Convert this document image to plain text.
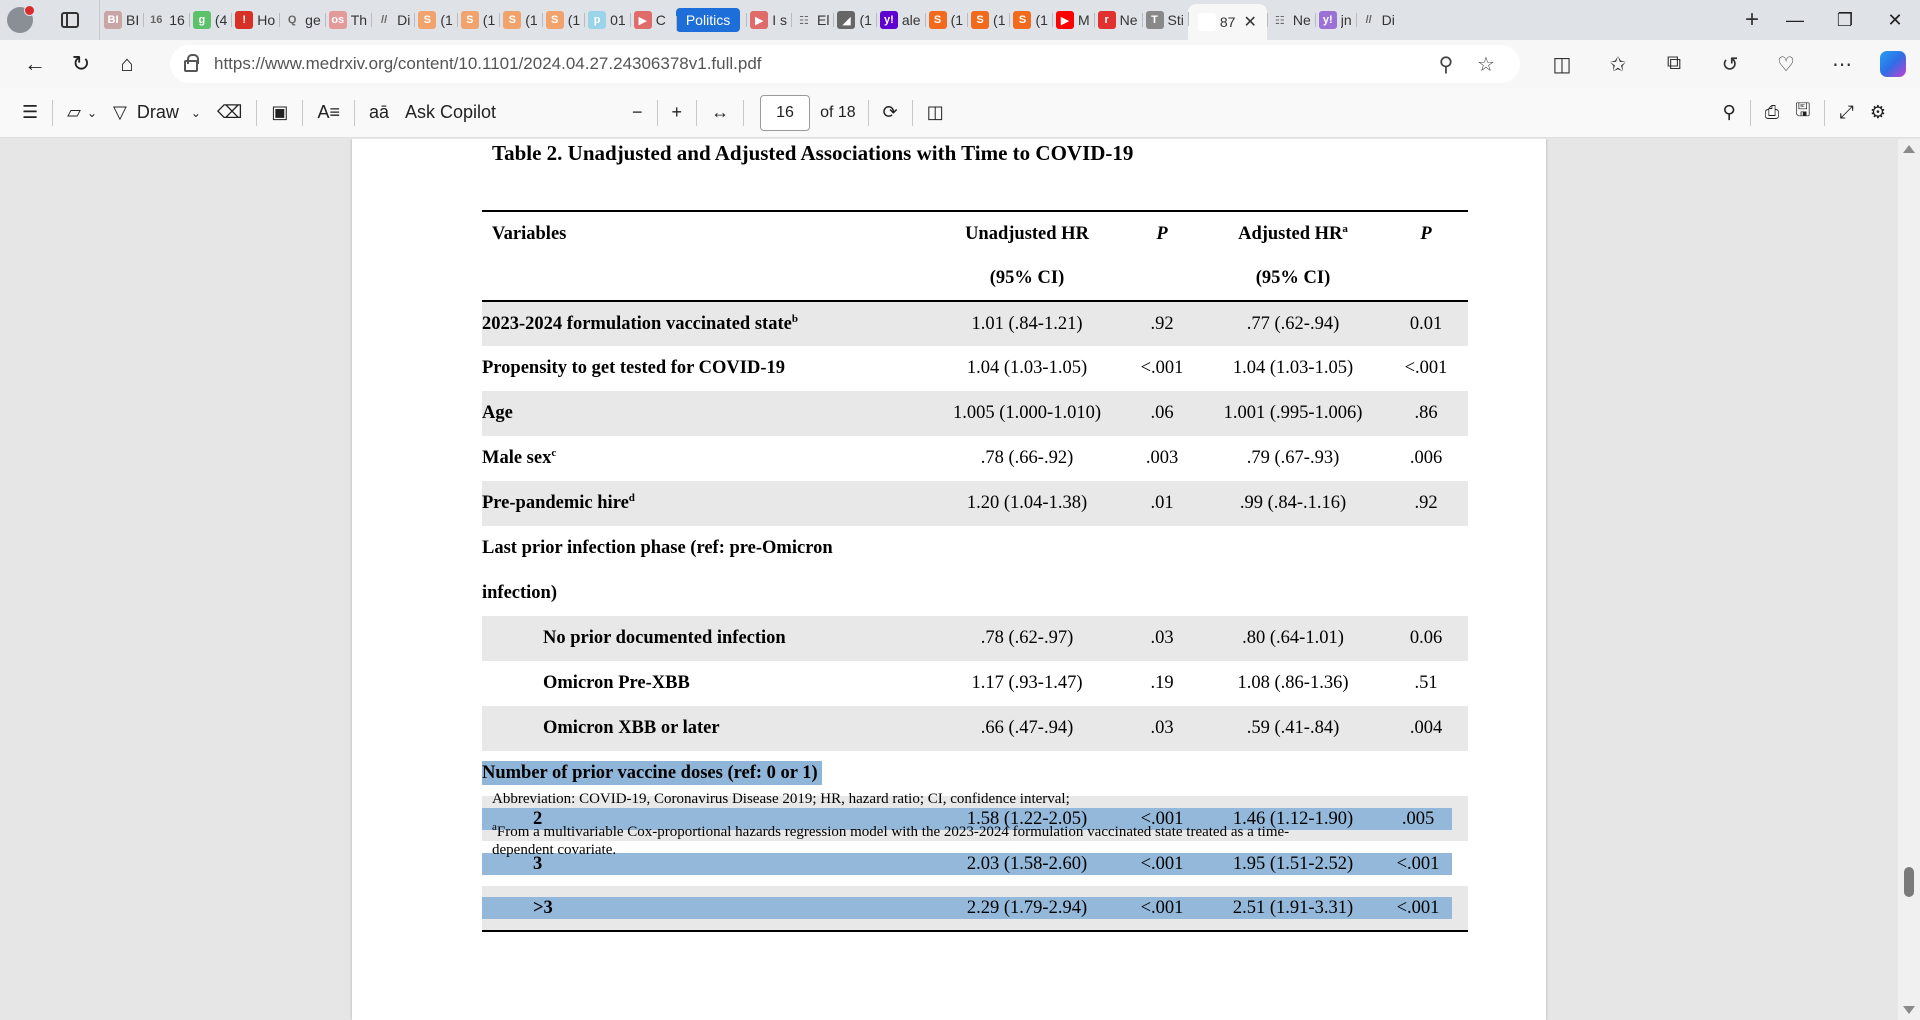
BI BI 16 16	g (4	! Ho	Q ge os Th	// Di	S (1	S (1	S (1	S (1	p 01	▶ C Politics	▶ I s	☷ El	◢ (1	y! ale	S (1	S (1	S (1	▶ M	r Ne	T Sti	87 ✕	☷ Ne	y! jn	// Di	+	—	❐	✕
← ↻ ⌂	https://www.medrxiv.org/content/10.1101/2024.04.27.24306378v1.full.pdf	⚲	☆	◫	✩	⧉	↺	♡	⋯
☰	▱ ⌄ ▽ Draw ⌄ ⌫	▣	A≡	aā Ask Copilot	−	+	↔	16	of 18	⟳	◫	⚲	⎙ 🖫	⤢ ⚙
Table 2. Unadjusted and Adjusted Associations with Time to COVID-19
Variables	Unadjusted HR	P	Adjusted $HR^a$	P
	(95% CI)		(95% CI)	
2023-2024 formulation vaccinated state$^b$	1.01 (.84-1.21)	.92	.77 (.62-.94)	0.01
Propensity to get tested for COVID-19	1.04 (1.03-1.05)	<.001	1.04 (1.03-1.05)	<.001
Age	1.005 (1.000-1.010)	.06	1.001 (.995-1.006)	.86
Male sex$^c$	.78 (.66-.92)	.003	.79 (.67-.93)	.006
Pre-pandemic hire$^d$	1.20 (1.04-1.38)	.01	.99 (.84-.1.16)	.92
Last prior infection phase (ref: pre-Omicron				
infection)				
No prior documented infection	.78 (.62-.97)	.03	.80 (.64-1.01)	0.06
Omicron Pre-XBB	1.17 (.93-1.47)	.19	1.08 (.86-1.36)	.51
Omicron XBB or later	.66 (.47-.94)	.03	.59 (.41-.84)	.004
Number of prior vaccine doses (ref: 0 or 1)				

2	1.58 (1.22-2.05)	<.001	1.46 (1.12-1.90)	.005

3	2.03 (1.58-2.60)	<.001	1.95 (1.51-2.52)	<.001

>3	2.29 (1.79-2.94)	<.001	2.51 (1.91-3.31)	<.001
Abbreviation: COVID-19, Coronavirus Disease 2019; HR, hazard ratio; CI, confidence interval;
$^a$From a multivariable Cox-proportional hazards regression model with the 2023-2024 formulation vaccinated state treated as a time-
dependent covariate.
